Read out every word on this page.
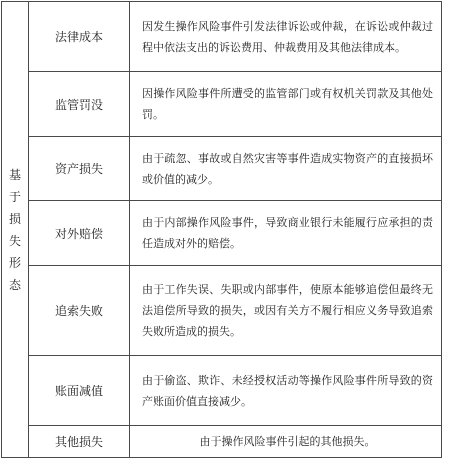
基于损失形态	法律成本	因发生操作风险事件引发法律诉讼或仲裁，在诉讼或仲裁过程中依法支出的诉讼费用、仲裁费用及其他法律成本。
	监管罚没	因操作风险事件所遭受的监管部门或有权机关罚款及其他处罚。
	资产损失	由于疏忽、事故或自然灾害等事件造成实物资产的直接损坏或价值的减少。
	对外赔偿	由于内部操作风险事件，导致商业银行未能履行应承担的责任造成对外的赔偿。
	追索失败	由于工作失误、失职或内部事件，使原本能够追偿但最终无法追偿所导致的损失，或因有关方不履行相应义务导致追索失败所造成的损失。
	账面减值	由于偷盗、欺诈、未经授权活动等操作风险事件所导致的资产账面价值直接减少。
	其他损失	由于操作风险事件引起的其他损失。
